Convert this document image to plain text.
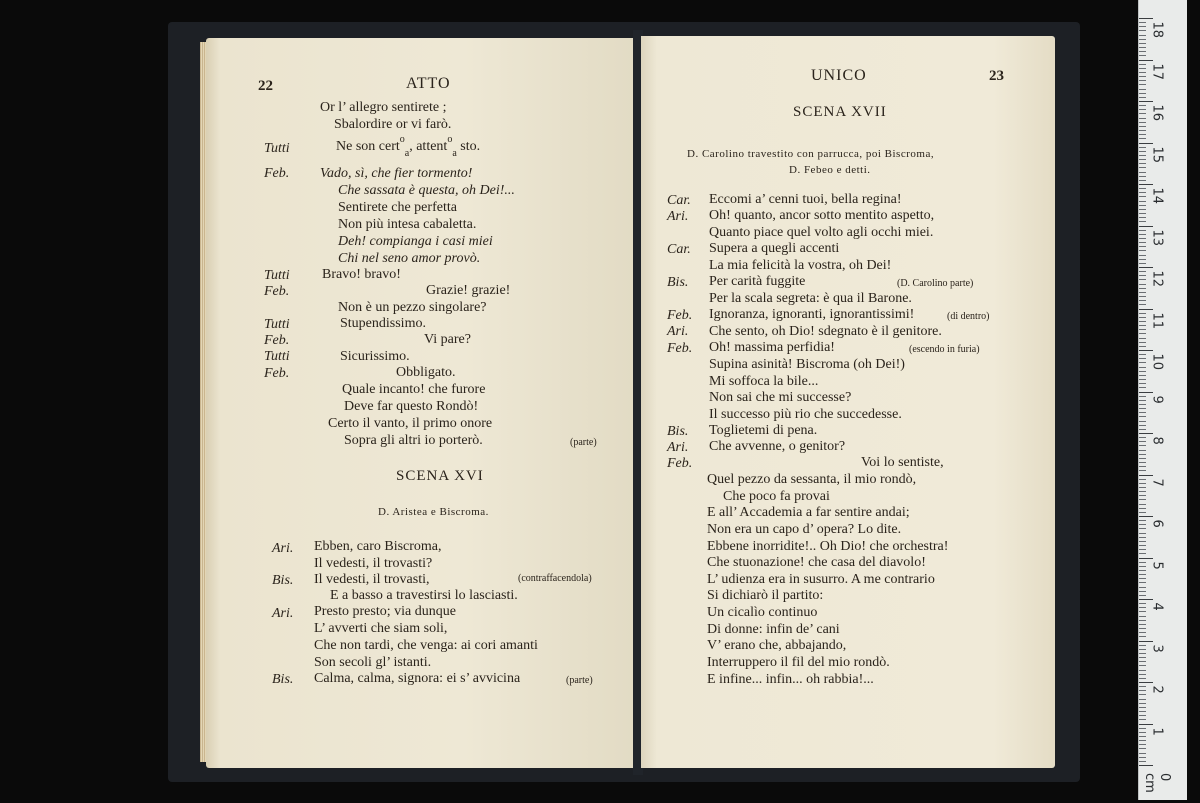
22	ATTO
Or l’ allegro sentirete ;
Sbalordire or vi farò.
Tutti	Ne son cert$^o_a$, attent$^o_a$ sto.
Feb. Vado, sì, che fier tormento!
Che sassata è questa, oh Dei!...
Sentirete che perfetta
Non più intesa cabaletta.
Deh! compianga i casi miei
Chi nel seno amor provò.
Tutti Bravo! bravo!
Feb.	Grazie! grazie!
Non è un pezzo singolare?
Tutti	Stupendissimo.
Feb.	Vi pare?
Tutti	Sicurissimo.
Feb.	Obbligato.
Quale incanto! che furore
Deve far questo Rondò!
Certo il vanto, il primo onore
Sopra gli altri io porterò.	(parte)
SCENA XVI
D. Aristea e Biscroma.
Ari. Ebben, caro Biscroma,
Il vedesti, il trovasti?
Bis. Il vedesti, il trovasti,	(contraffacendola)
E a basso a travestirsi lo lasciasti.
Ari. Presto presto; via dunque
L’ avverti che siam soli,
Che non tardi, che venga: ai cori amanti
Son secoli gl’ istanti.
Bis. Calma, calma, signora: ei s’ avvicina	(parte)
UNICO	23
SCENA XVII
D. Carolino travestito con parrucca, poi Biscroma,
D. Febeo e detti.
Car. Eccomi a’ cenni tuoi, bella regina!
Ari. Oh! quanto, ancor sotto mentito aspetto,
Quanto piace quel volto agli occhi miei.
Car. Supera a quegli accenti
La mia felicità la vostra, oh Dei!
Bis. Per carità fuggite	(D. Carolino parte)
Per la scala segreta: è qua il Barone.
Feb. Ignoranza, ignoranti, ignorantissimi!	(di dentro)
Ari. Che sento, oh Dio! sdegnato è il genitore.
Feb. Oh! massima perfidia!	(escendo in furia)
Supina asinità! Biscroma (oh Dei!)
Mi soffoca la bile...
Non sai che mi successe?
Il successo più rio che succedesse.
Bis. Toglietemi di pena.
Ari. Che avvenne, o genitor?
Feb.	Voi lo sentiste,
Quel pezzo da sessanta, il mio rondò,
Che poco fa provai
E all’ Accademia a far sentire andai;
Non era un capo d’ opera? Lo dite.
Ebbene inorridite!.. Oh Dio! che orchestra!
Che stuonazione! che casa del diavolo!
L’ udienza era in susurro. A me contrario
Si dichiarò il partito:
Un cicalìo continuo
Di donne: infin de’ cani
V’ erano che, abbajando,
Interruppero il fil del mio rondò.
E infine... infin... oh rabbia!...
0 cm
1
2
3
4
5
6
7
8
9
10
11
12
13
14
15
16
17
18
